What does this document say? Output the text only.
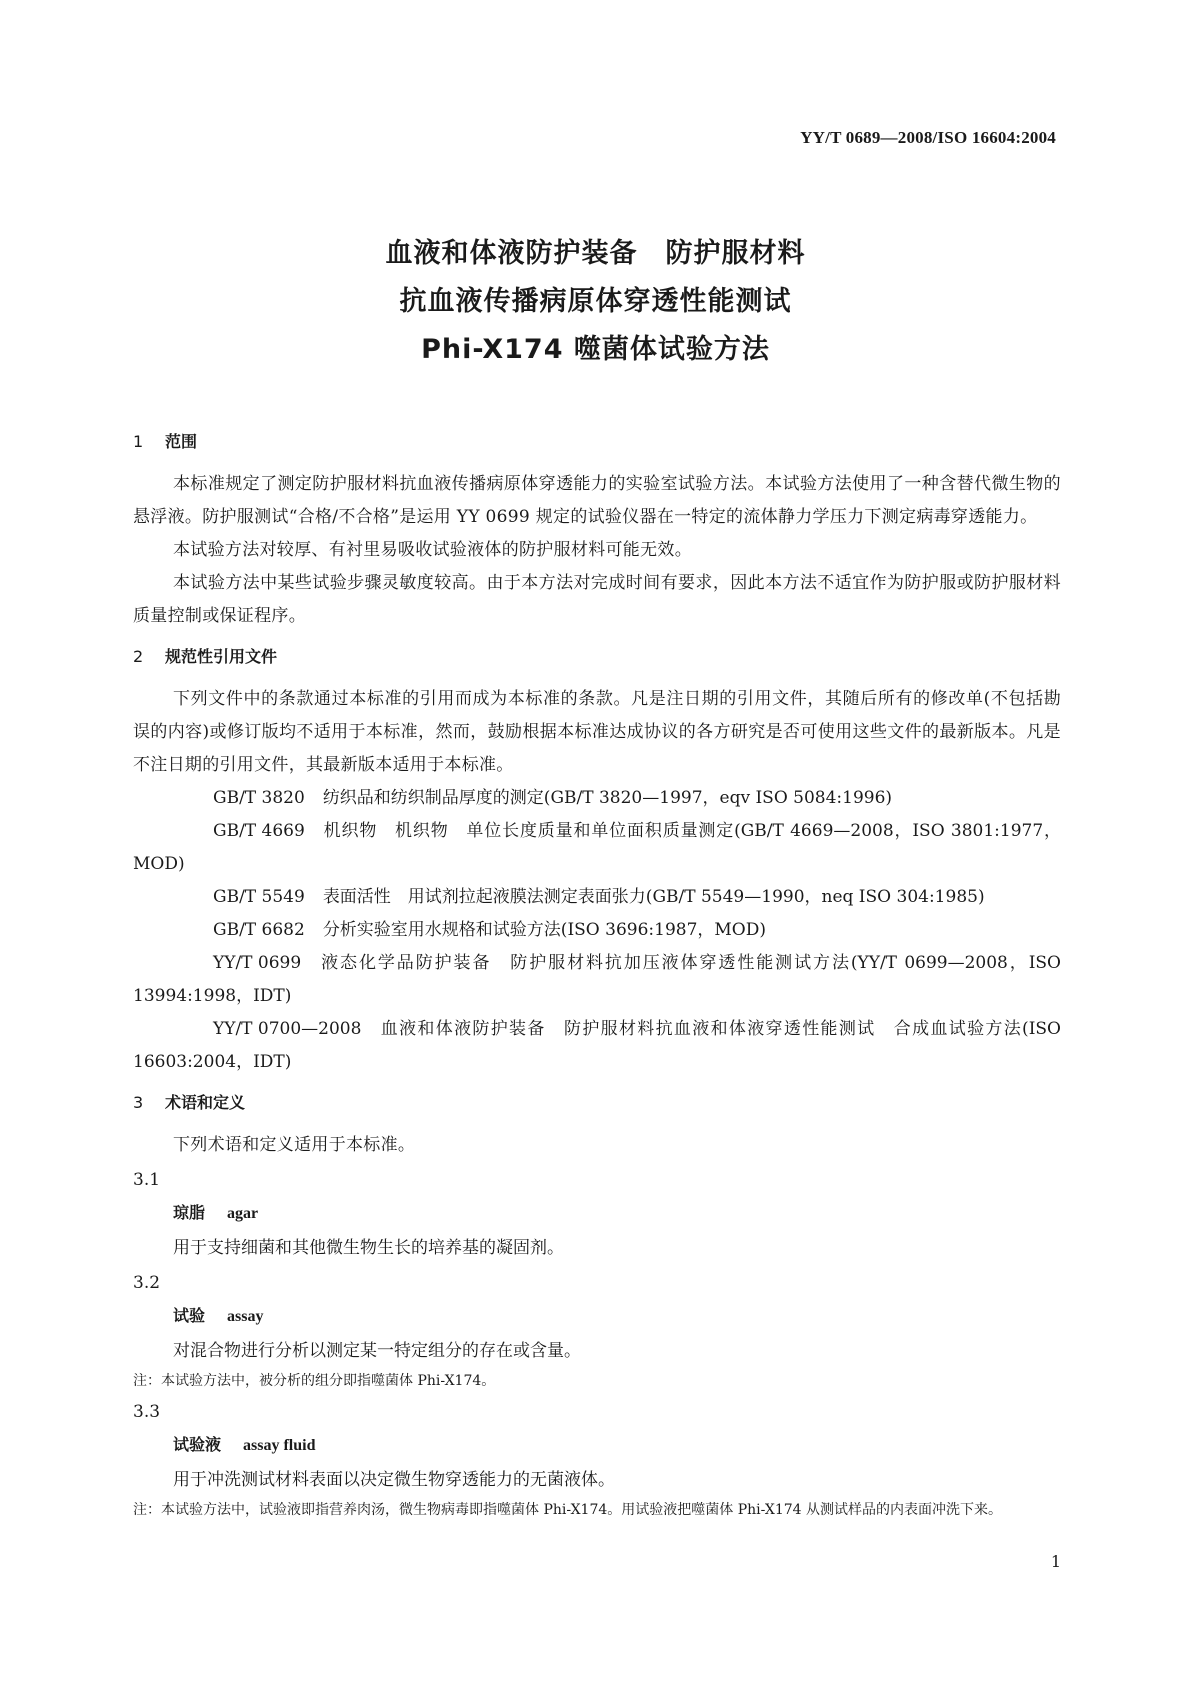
YY/T 0689—2008/ISO 16604:2004
血液和体液防护装备　防护服材料
抗血液传播病原体穿透性能测试
Phi-X174 噬菌体试验方法
1 范围

本标准规定了测定防护服材料抗血液传播病原体穿透能力的实验室试验方法。本试验方法使用了一种含替代微生物的悬浮液。防护服测试“合格/不合格”是运用 YY 0699 规定的试验仪器在一特定的流体静力学压力下测定病毒穿透能力。

本试验方法对较厚、有衬里易吸收试验液体的防护服材料可能无效。

本试验方法中某些试验步骤灵敏度较高。由于本方法对完成时间有要求，因此本方法不适宜作为防护服或防护服材料质量控制或保证程序。

2 规范性引用文件

下列文件中的条款通过本标准的引用而成为本标准的条款。凡是注日期的引用文件，其随后所有的修改单(不包括勘误的内容)或修订版均不适用于本标准，然而，鼓励根据本标准达成协议的各方研究是否可使用这些文件的最新版本。凡是不注日期的引用文件，其最新版本适用于本标准。

GB/T 3820 纺织品和纺织制品厚度的测定(GB/T 3820—1997，eqv ISO 5084:1996)

GB/T 4669 机织物　机织物　单位长度质量和单位面积质量测定(GB/T 4669—2008，ISO 3801:1977，MOD)

GB/T 5549 表面活性　用试剂拉起液膜法测定表面张力(GB/T 5549—1990，neq ISO 304:1985)

GB/T 6682 分析实验室用水规格和试验方法(ISO 3696:1987，MOD)

YY/T 0699 液态化学品防护装备　防护服材料抗加压液体穿透性能测试方法(YY/T 0699—2008，ISO 13994:1998，IDT)

YY/T 0700—2008 血液和体液防护装备　防护服材料抗血液和体液穿透性能测试　合成血试验方法(ISO 16603:2004，IDT)

3 术语和定义

下列术语和定义适用于本标准。

3.1
琼脂 agar
用于支持细菌和其他微生物生长的培养基的凝固剂。
3.2
试验 assay
对混合物进行分析以测定某一特定组分的存在或含量。
注： 本试验方法中，被分析的组分即指噬菌体 Phi-X174。
3.3
试验液 assay fluid
用于冲洗测试材料表面以决定微生物穿透能力的无菌液体。
注： 本试验方法中，试验液即指营养肉汤，微生物病毒即指噬菌体 Phi-X174。用试验液把噬菌体 Phi-X174 从测试样品的内表面冲洗下来。
1
